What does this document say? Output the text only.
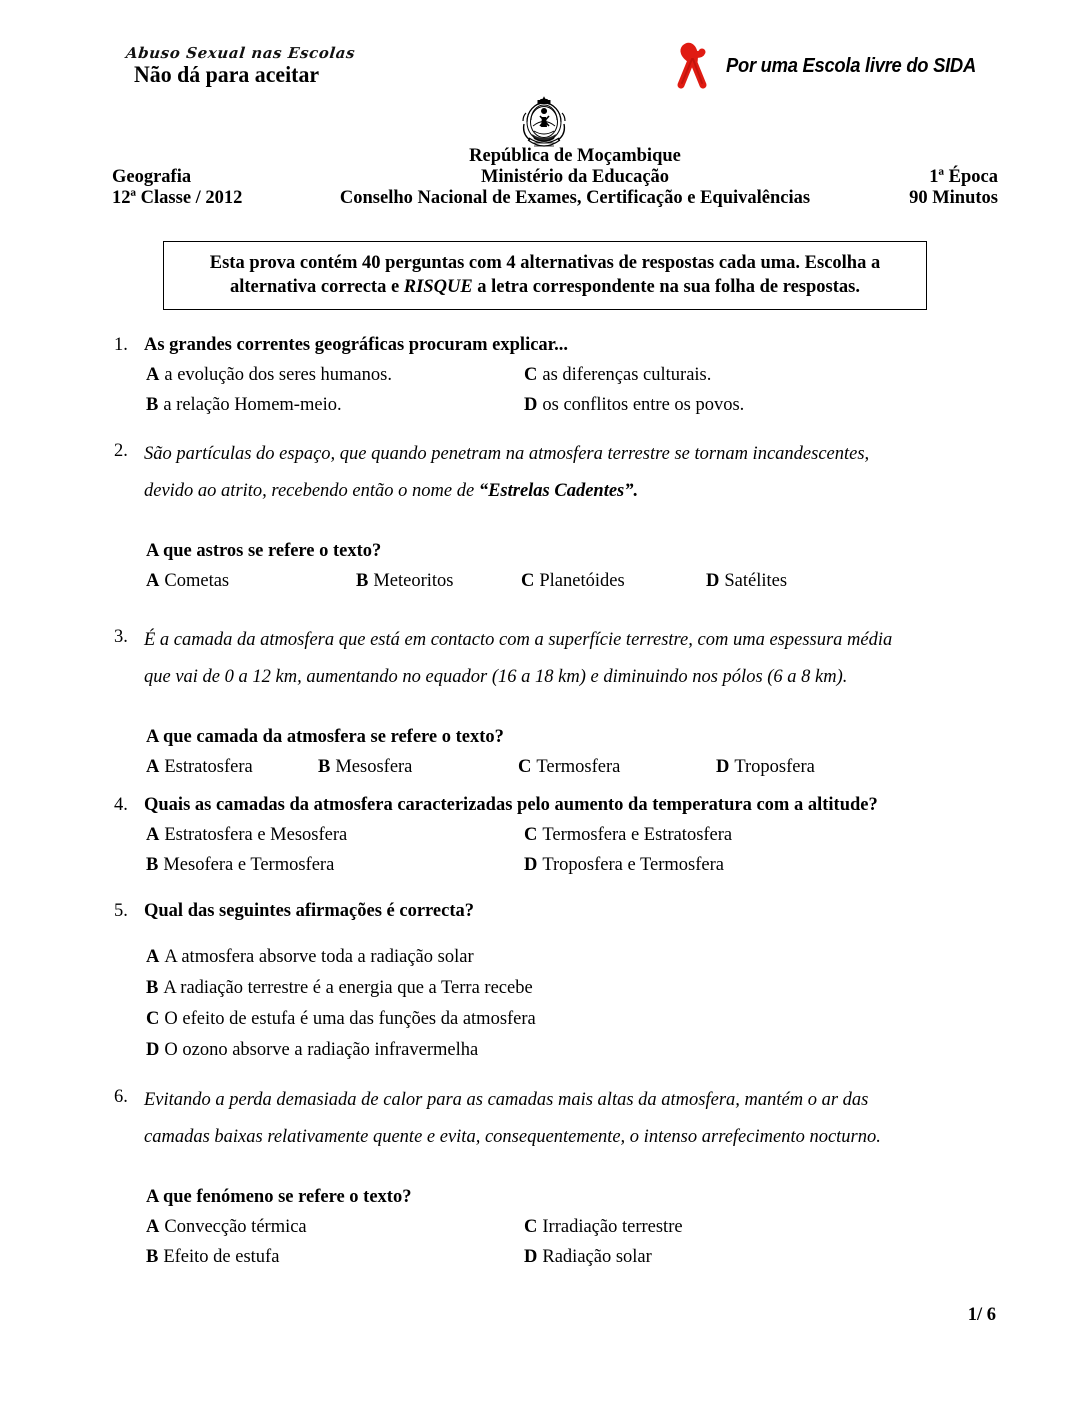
Abuso Sexual nas Escolas
Não dá para aceitar	Por uma Escola livre do SIDA
Geografia
12ª Classe / 2012
República de Moçambique
Ministério da Educação
Conselho Nacional de Exames, Certificação e Equivalências
1ª Época
90 Minutos
Esta prova contém 40 perguntas com 4 alternativas de respostas cada uma. Escolha a alternativa correcta e RISQUE a letra correspondente na sua folha de respostas.
1. As grandes correntes geográficas procuram explicar...
A a evolução dos seres humanos.	C as diferenças culturais.
B a relação Homem-meio.	D os conflitos entre os povos.
2. São partículas do espaço, que quando penetram na atmosfera terrestre se tornam incandescentes,
devido ao atrito, recebendo então o nome de “Estrelas Cadentes”.
A que astros se refere o texto?
A Cometas	B Meteoritos	C Planetóides	D Satélites
3. É a camada da atmosfera que está em contacto com a superfície terrestre, com uma espessura média
que vai de 0 a 12 km, aumentando no equador (16 a 18 km) e diminuindo nos pólos (6 a 8 km).
A que camada da atmosfera se refere o texto?
A Estratosfera	B Mesosfera	C Termosfera	D Troposfera
4. Quais as camadas da atmosfera caracterizadas pelo aumento da temperatura com a altitude?
A Estratosfera e Mesosfera	C Termosfera e Estratosfera
B Mesofera e Termosfera	D Troposfera e Termosfera
5. Qual das seguintes afirmações é correcta?
A A atmosfera absorve toda a radiação solar
B A radiação terrestre é a energia que a Terra recebe
C O efeito de estufa é uma das funções da atmosfera
D O ozono absorve a radiação infravermelha
6. Evitando a perda demasiada de calor para as camadas mais altas da atmosfera, mantém o ar das
camadas baixas relativamente quente e evita, consequentemente, o intenso arrefecimento nocturno.
A que fenómeno se refere o texto?
A Convecção térmica	C Irradiação terrestre
B Efeito de estufa	D Radiação solar
1/ 6
